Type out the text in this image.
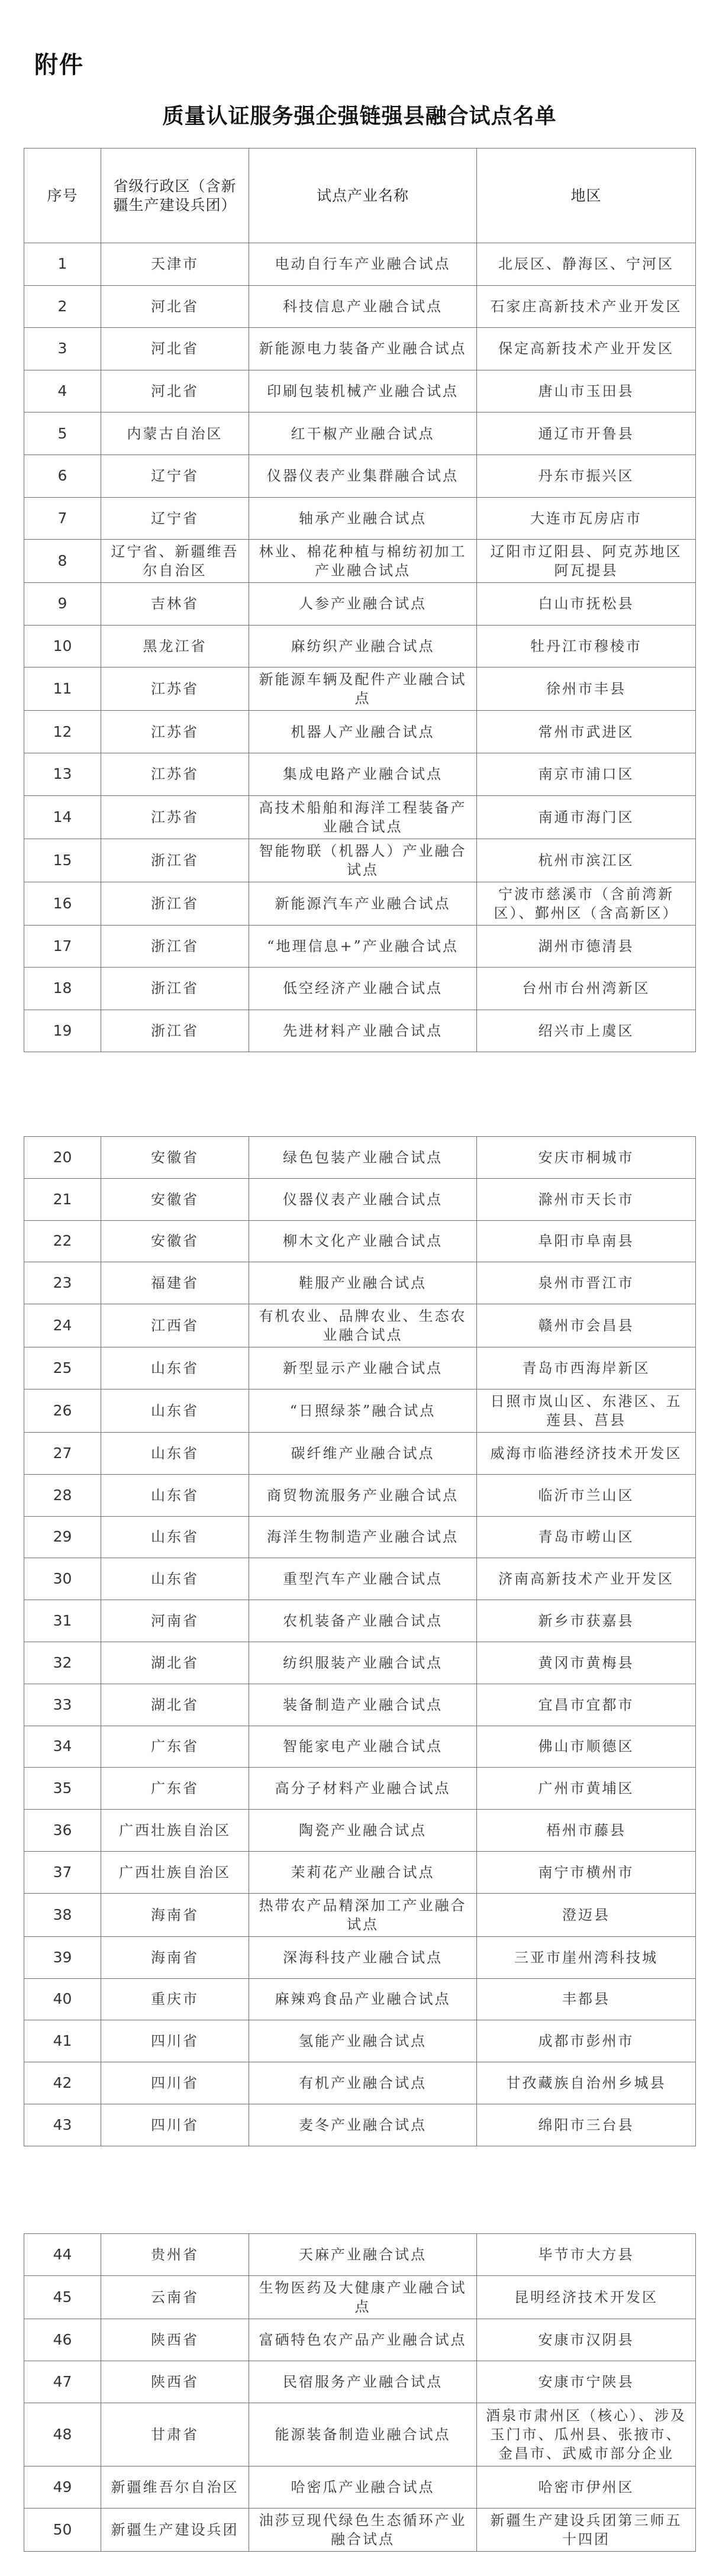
附件
质量认证服务强企强链强县融合试点名单
序号	省级行政区（含新疆生产建设兵团）	试点产业名称	地区
1	天津市	电动自行车产业融合试点	北辰区、静海区、宁河区
2	河北省	科技信息产业融合试点	石家庄高新技术产业开发区
3	河北省	新能源电力装备产业融合试点	保定高新技术产业开发区
4	河北省	印刷包装机械产业融合试点	唐山市玉田县
5	内蒙古自治区	红干椒产业融合试点	通辽市开鲁县
6	辽宁省	仪器仪表产业集群融合试点	丹东市振兴区
7	辽宁省	轴承产业融合试点	大连市瓦房店市
8	辽宁省、新疆维吾尔自治区	林业、棉花种植与棉纺初加工产业融合试点	辽阳市辽阳县、阿克苏地区阿瓦提县
9	吉林省	人参产业融合试点	白山市抚松县
10	黑龙江省	麻纺织产业融合试点	牡丹江市穆棱市
11	江苏省	新能源车辆及配件产业融合试点	徐州市丰县
12	江苏省	机器人产业融合试点	常州市武进区
13	江苏省	集成电路产业融合试点	南京市浦口区
14	江苏省	高技术船舶和海洋工程装备产业融合试点	南通市海门区
15	浙江省	智能物联（机器人）产业融合试点	杭州市滨江区
16	浙江省	新能源汽车产业融合试点	宁波市慈溪市（含前湾新区）、鄞州区（含高新区）
17	浙江省	“地理信息+”产业融合试点	湖州市德清县
18	浙江省	低空经济产业融合试点	台州市台州湾新区
19	浙江省	先进材料产业融合试点	绍兴市上虞区
20	安徽省	绿色包装产业融合试点	安庆市桐城市
21	安徽省	仪器仪表产业融合试点	滁州市天长市
22	安徽省	柳木文化产业融合试点	阜阳市阜南县
23	福建省	鞋服产业融合试点	泉州市晋江市
24	江西省	有机农业、品牌农业、生态农业融合试点	赣州市会昌县
25	山东省	新型显示产业融合试点	青岛市西海岸新区
26	山东省	“日照绿茶”融合试点	日照市岚山区、东港区、五莲县、莒县
27	山东省	碳纤维产业融合试点	威海市临港经济技术开发区
28	山东省	商贸物流服务产业融合试点	临沂市兰山区
29	山东省	海洋生物制造产业融合试点	青岛市崂山区
30	山东省	重型汽车产业融合试点	济南高新技术产业开发区
31	河南省	农机装备产业融合试点	新乡市获嘉县
32	湖北省	纺织服装产业融合试点	黄冈市黄梅县
33	湖北省	装备制造产业融合试点	宜昌市宜都市
34	广东省	智能家电产业融合试点	佛山市顺德区
35	广东省	高分子材料产业融合试点	广州市黄埔区
36	广西壮族自治区	陶瓷产业融合试点	梧州市藤县
37	广西壮族自治区	茉莉花产业融合试点	南宁市横州市
38	海南省	热带农产品精深加工产业融合试点	澄迈县
39	海南省	深海科技产业融合试点	三亚市崖州湾科技城
40	重庆市	麻辣鸡食品产业融合试点	丰都县
41	四川省	氢能产业融合试点	成都市彭州市
42	四川省	有机产业融合试点	甘孜藏族自治州乡城县
43	四川省	麦冬产业融合试点	绵阳市三台县
44	贵州省	天麻产业融合试点	毕节市大方县
45	云南省	生物医药及大健康产业融合试点	昆明经济技术开发区
46	陕西省	富硒特色农产品产业融合试点	安康市汉阴县
47	陕西省	民宿服务产业融合试点	安康市宁陕县
48	甘肃省	能源装备制造业融合试点	酒泉市肃州区（核心）、涉及玉门市、瓜州县、张掖市、金昌市、武威市部分企业
49	新疆维吾尔自治区	哈密瓜产业融合试点	哈密市伊州区
50	新疆生产建设兵团	油莎豆现代绿色生态循环产业融合试点	新疆生产建设兵团第三师五十四团
